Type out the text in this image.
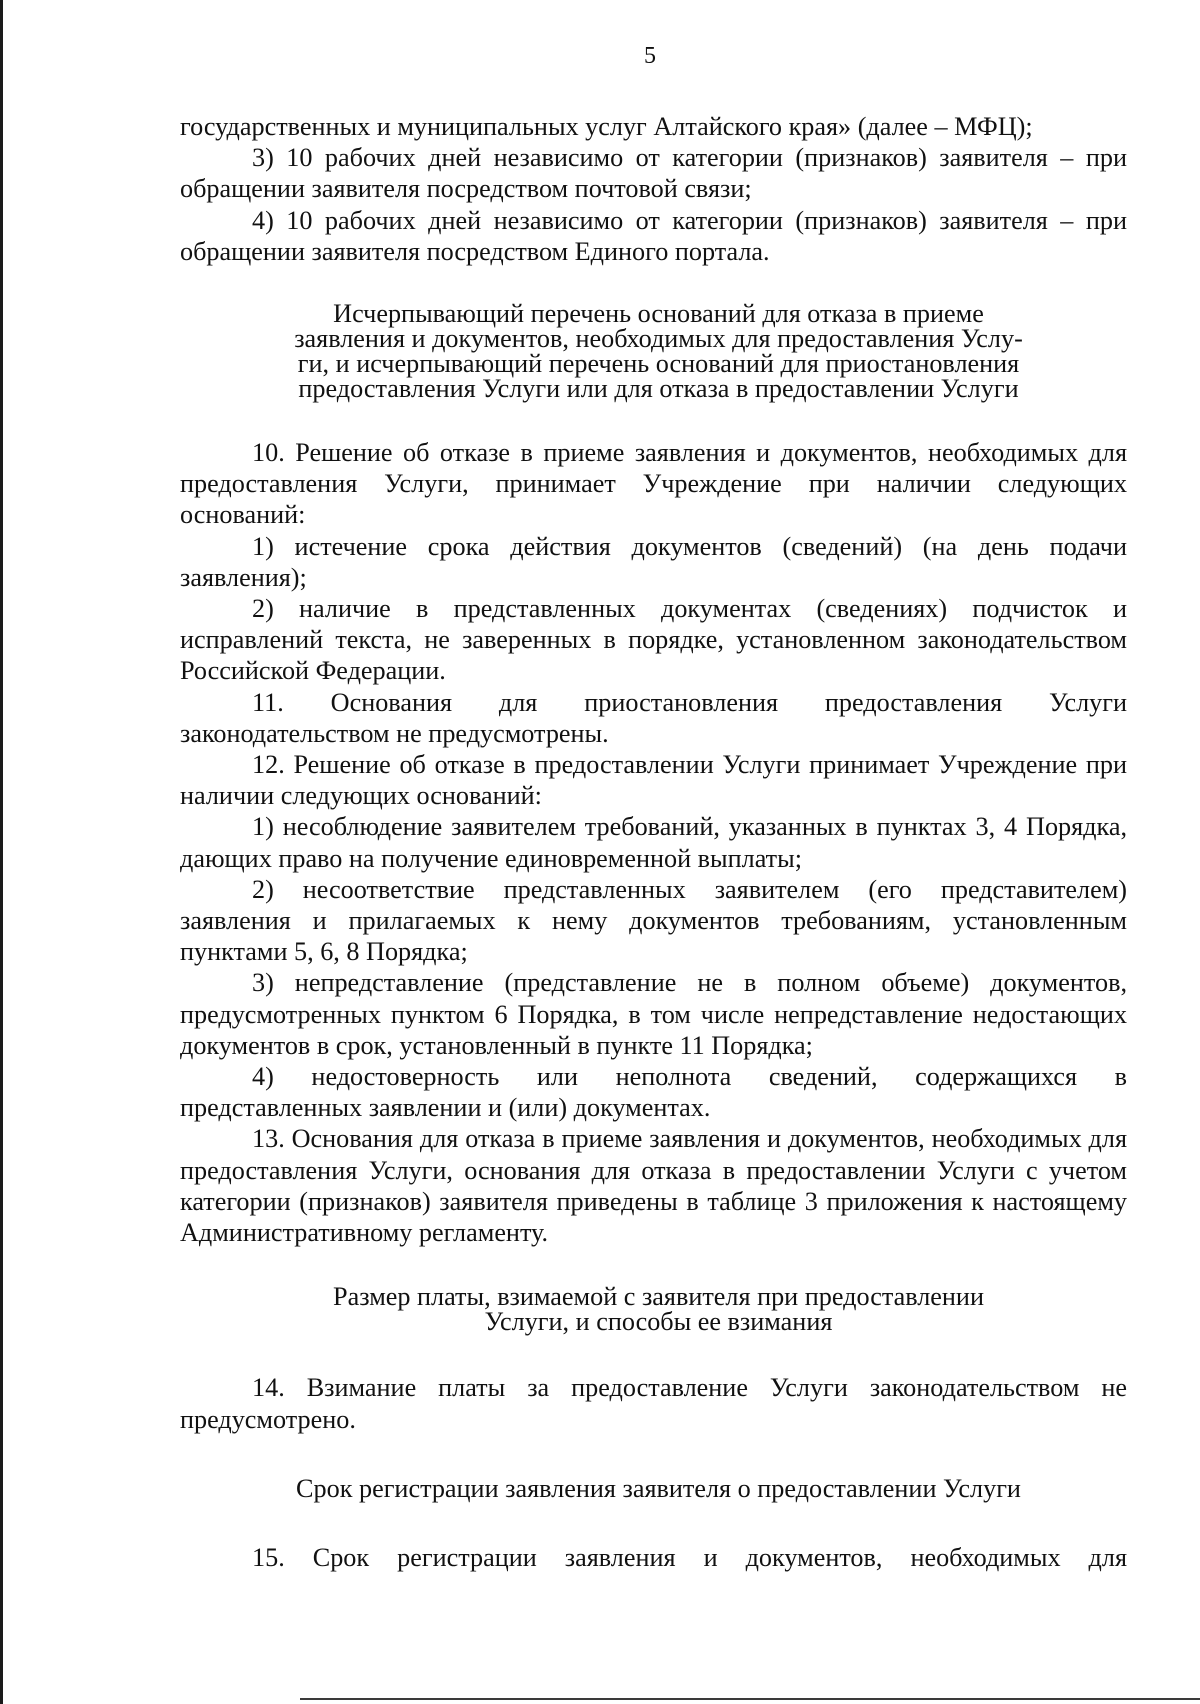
5

государственных и муниципальных услуг Алтайского края» (далее – МФЦ);

3) 10 рабочих дней независимо от категории (признаков) заявителя – при обращении заявителя посредством почтовой связи;

4) 10 рабочих дней независимо от категории (признаков) заявителя – при обращении заявителя посредством Единого портала.

Исчерпывающий перечень оснований для отказа в приеме
заявления и документов, необходимых для предоставления Услу-
ги, и исчерпывающий перечень оснований для приостановления
предоставления Услуги или для отказа в предоставлении Услуги

10. Решение об отказе в приеме заявления и документов, необходимых для предоставления Услуги, принимает Учреждение при наличии следующих оснований:

1) истечение срока действия документов (сведений) (на день подачи заявления);

2) наличие в представленных документах (сведениях) подчисток и исправлений текста, не заверенных в порядке, установленном законодательством Российской Федерации.

11. Основания для приостановления предоставления Услуги законодательством не предусмотрены.

12. Решение об отказе в предоставлении Услуги принимает Учреждение при наличии следующих оснований:

1) несоблюдение заявителем требований, указанных в пунктах 3, 4 Порядка, дающих право на получение единовременной выплаты;

2) несоответствие представленных заявителем (его представителем) заявления и прилагаемых к нему документов требованиям, установленным пунктами 5, 6, 8 Порядка;

3) непредставление (представление не в полном объеме) документов, предусмотренных пунктом 6 Порядка, в том числе непредставление недостающих документов в срок, установленный в пункте 11 Порядка;

4) недостоверность или неполнота сведений, содержащихся в представленных заявлении и (или) документах.

13. Основания для отказа в приеме заявления и документов, необходимых для предоставления Услуги, основания для отказа в предоставлении Услуги с учетом категории (признаков) заявителя приведены в таблице 3 приложения к настоящему Административному регламенту.

Размер платы, взимаемой с заявителя при предоставлении
Услуги, и способы ее взимания

14. Взимание платы за предоставление Услуги законодательством не предусмотрено.

Срок регистрации заявления заявителя о предоставлении Услуги

15. Срок регистрации заявления и документов, необходимых для
